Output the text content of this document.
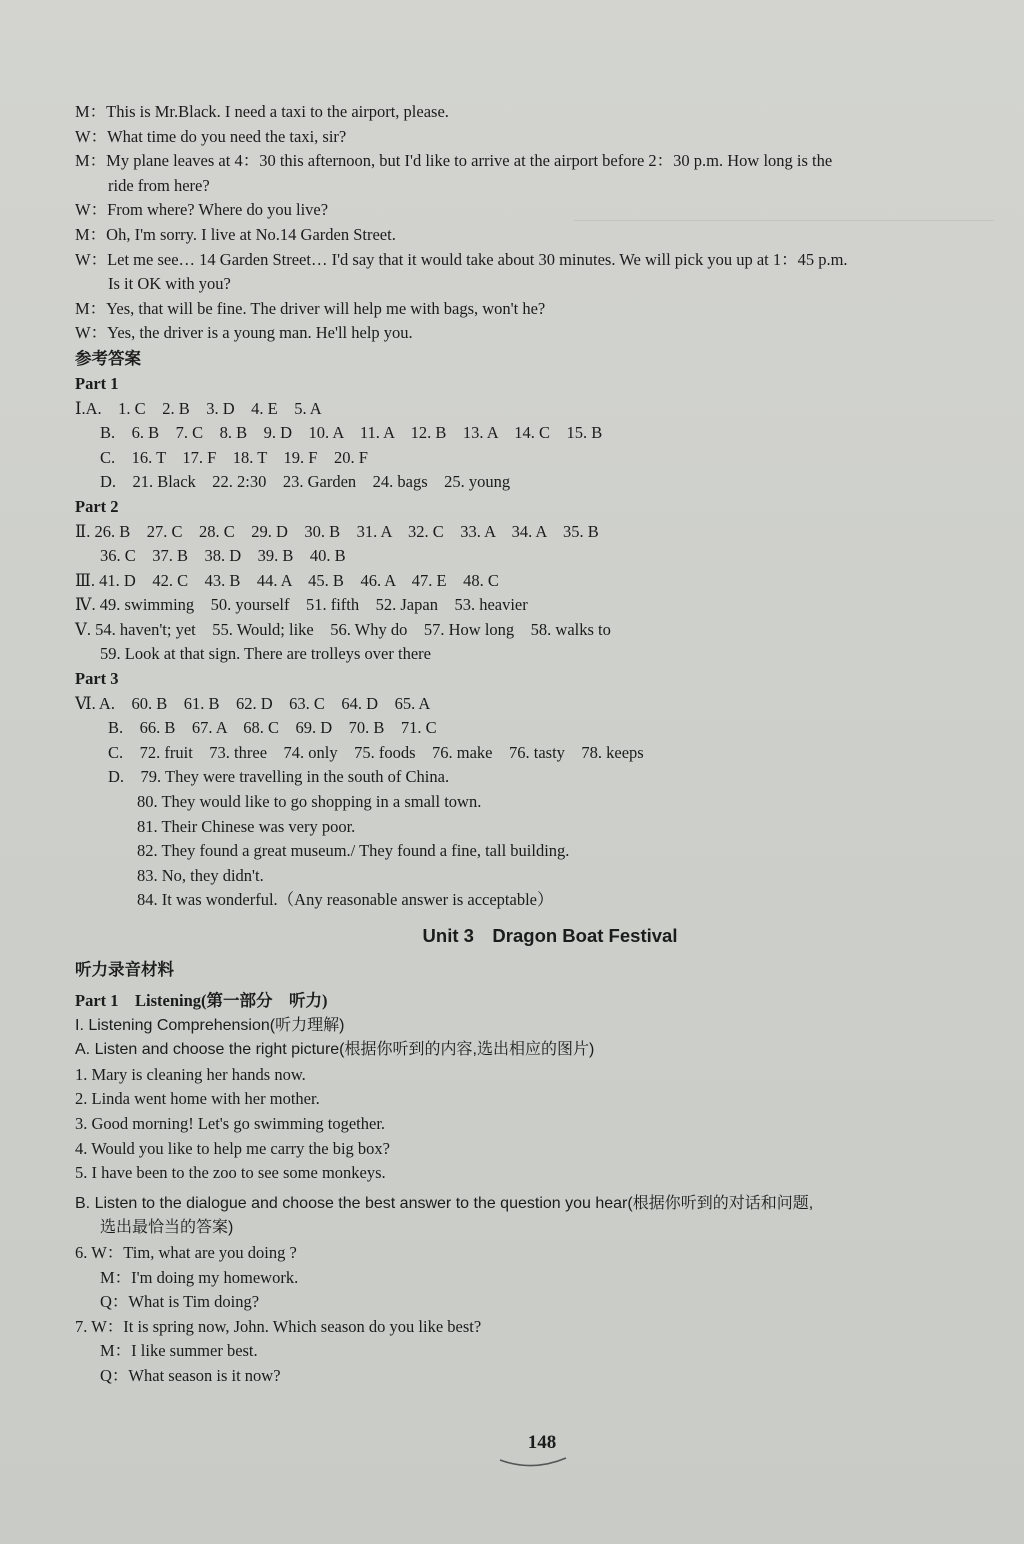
M：This is Mr.Black. I need a taxi to the airport, please.
W：What time do you need the taxi, sir?
M：My plane leaves at 4：30 this afternoon, but I'd like to arrive at the airport before 2：30 p.m. How long is the
ride from here?
W：From where? Where do you live?
M：Oh, I'm sorry. I live at No.14 Garden Street.
W：Let me see… 14 Garden Street… I'd say that it would take about 30 minutes. We will pick you up at 1：45 p.m.
Is it OK with you?
M：Yes, that will be fine. The driver will help me with bags, won't he?
W：Yes, the driver is a young man. He'll help you.
参考答案
Part 1
Ⅰ.A.　1. C　2. B　3. D　4. E　5. A
B.　6. B　7. C　8. B　9. D　10. A　11. A　12. B　13. A　14. C　15. B
C.　16. T　17. F　18. T　19. F　20. F
D.　21. Black　22. 2:30　23. Garden　24. bags　25. young
Part 2
Ⅱ. 26. B　27. C　28. C　29. D　30. B　31. A　32. C　33. A　34. A　35. B
36. C　37. B　38. D　39. B　40. B
Ⅲ. 41. D　42. C　43. B　44. A　45. B　46. A　47. E　48. C
Ⅳ. 49. swimming　50. yourself　51. fifth　52. Japan　53. heavier
Ⅴ. 54. haven't; yet　55. Would; like　56. Why do　57. How long　58. walks to
59. Look at that sign. There are trolleys over there
Part 3
Ⅵ. A.　60. B　61. B　62. D　63. C　64. D　65. A
B.　66. B　67. A　68. C　69. D　70. B　71. C
C.　72. fruit　73. three　74. only　75. foods　76. make　76. tasty　78. keeps
D.　79. They were travelling in the south of China.
80. They would like to go shopping in a small town.
81. Their Chinese was very poor.
82. They found a great museum./ They found a fine, tall building.
83. No, they didn't.
84. It was wonderful.（Any reasonable answer is acceptable）
Unit 3　Dragon Boat Festival
听力录音材料
Part 1　Listening(第一部分　听力)
I. Listening Comprehension(听力理解)
A. Listen and choose the right picture(根据你听到的内容,选出相应的图片)
1. Mary is cleaning her hands now.
2. Linda went home with her mother.
3. Good morning! Let's go swimming together.
4. Would you like to help me carry the big box?
5. I have been to the zoo to see some monkeys.
B. Listen to the dialogue and choose the best answer to the question you hear(根据你听到的对话和问题,
选出最恰当的答案)
6. W：Tim, what are you doing ?
M：I'm doing my homework.
Q：What is Tim doing?
7. W：It is spring now, John. Which season do you like best?
M：I like summer best.
Q：What season is it now?
148
